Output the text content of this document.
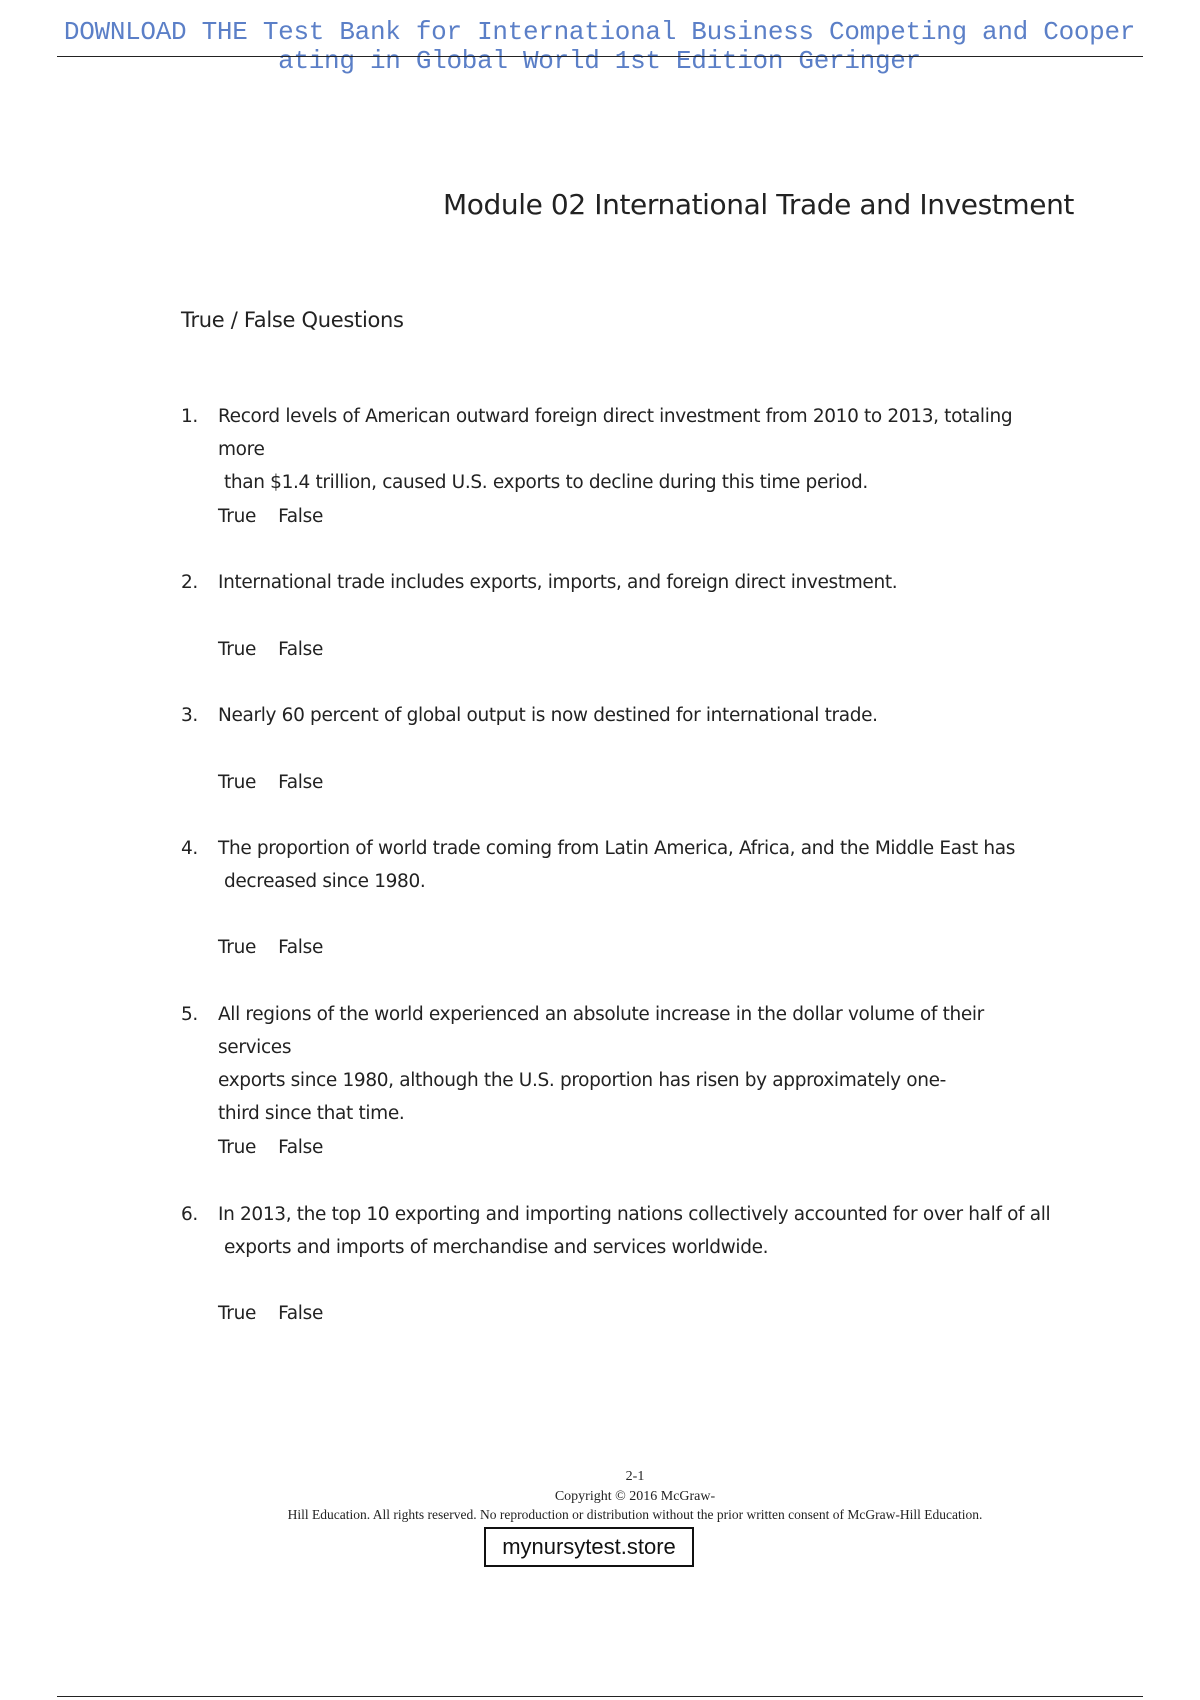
DOWNLOAD THE Test Bank for International Business Competing and Cooperating in Global World 1st Edition Geringer
Module 02 International Trade and Investment
True / False Questions
1. Record levels of American outward foreign direct investment from 2010 to 2013, totaling more
than $1.4 trillion, caused U.S. exports to decline during this time period.
True False
2. International trade includes exports, imports, and foreign direct investment.
True False
3. Nearly 60 percent of global output is now destined for international trade.
True False
4. The proportion of world trade coming from Latin America, Africa, and the Middle East has
decreased since 1980.
True False
5. All regions of the world experienced an absolute increase in the dollar volume of their services
exports since 1980, although the U.S. proportion has risen by approximately one-
third since that time.
True False
6. In 2013, the top 10 exporting and importing nations collectively accounted for over half of all
exports and imports of merchandise and services worldwide.
True False
2-1
Copyright © 2016 McGraw-
Hill Education. All rights reserved. No reproduction or distribution without the prior written consent of McGraw-Hill Education.
mynursytest.store
